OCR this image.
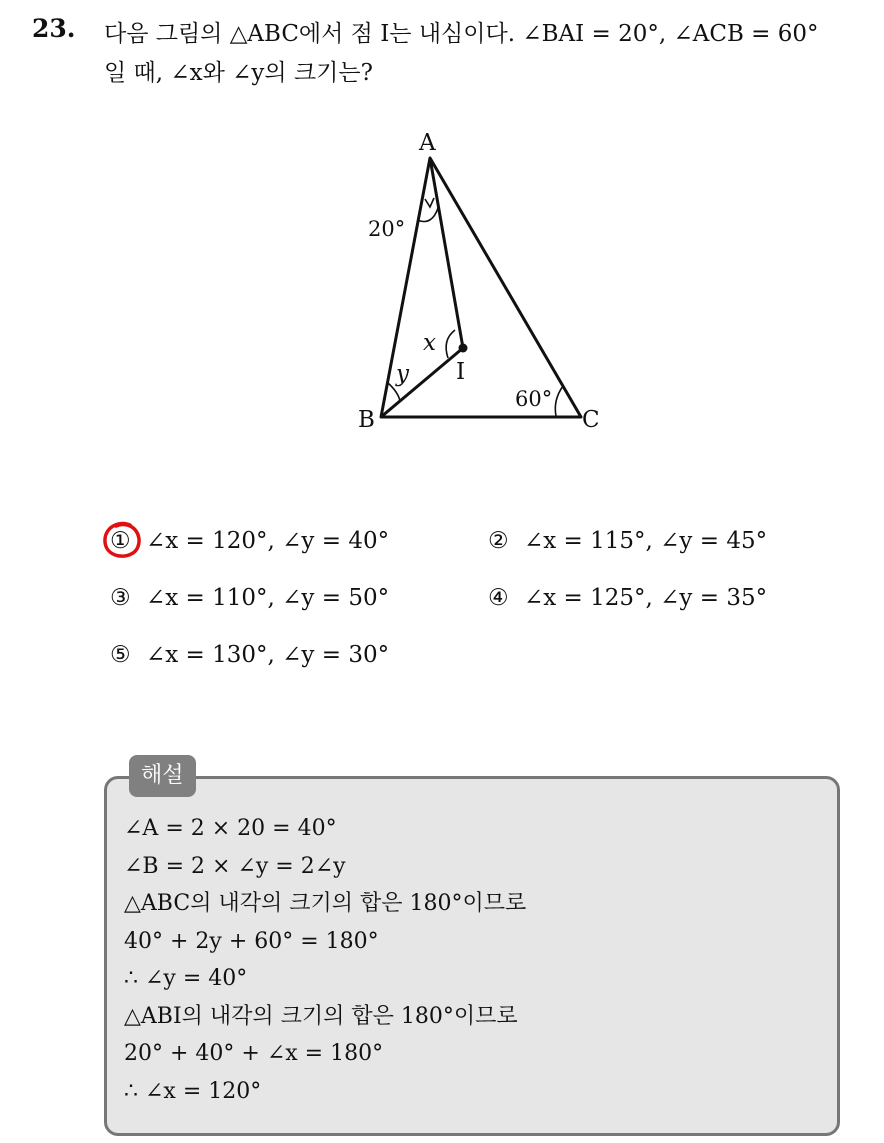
23. 다음 그림의 △ABC에서 점 I는 내심이다. ∠BAI = 20°, ∠ACB = 60°
일 때, ∠x와 ∠y의 크기는?
A
B	C
I
20°
60°
x
y
① ∠x = 120°, ∠y = 40°	② ∠x = 115°, ∠y = 45°
③ ∠x = 110°, ∠y = 50°	④ ∠x = 125°, ∠y = 35°
⑤ ∠x = 130°, ∠y = 30°
해설
∠A = 2 × 20 = 40°
∠B = 2 × ∠y = 2∠y
△ABC의 내각의 크기의 합은 180°이므로
40° + 2y + 60° = 180°
∴ ∠y = 40°
△ABI의 내각의 크기의 합은 180°이므로
20° + 40° + ∠x = 180°
∴ ∠x = 120°
